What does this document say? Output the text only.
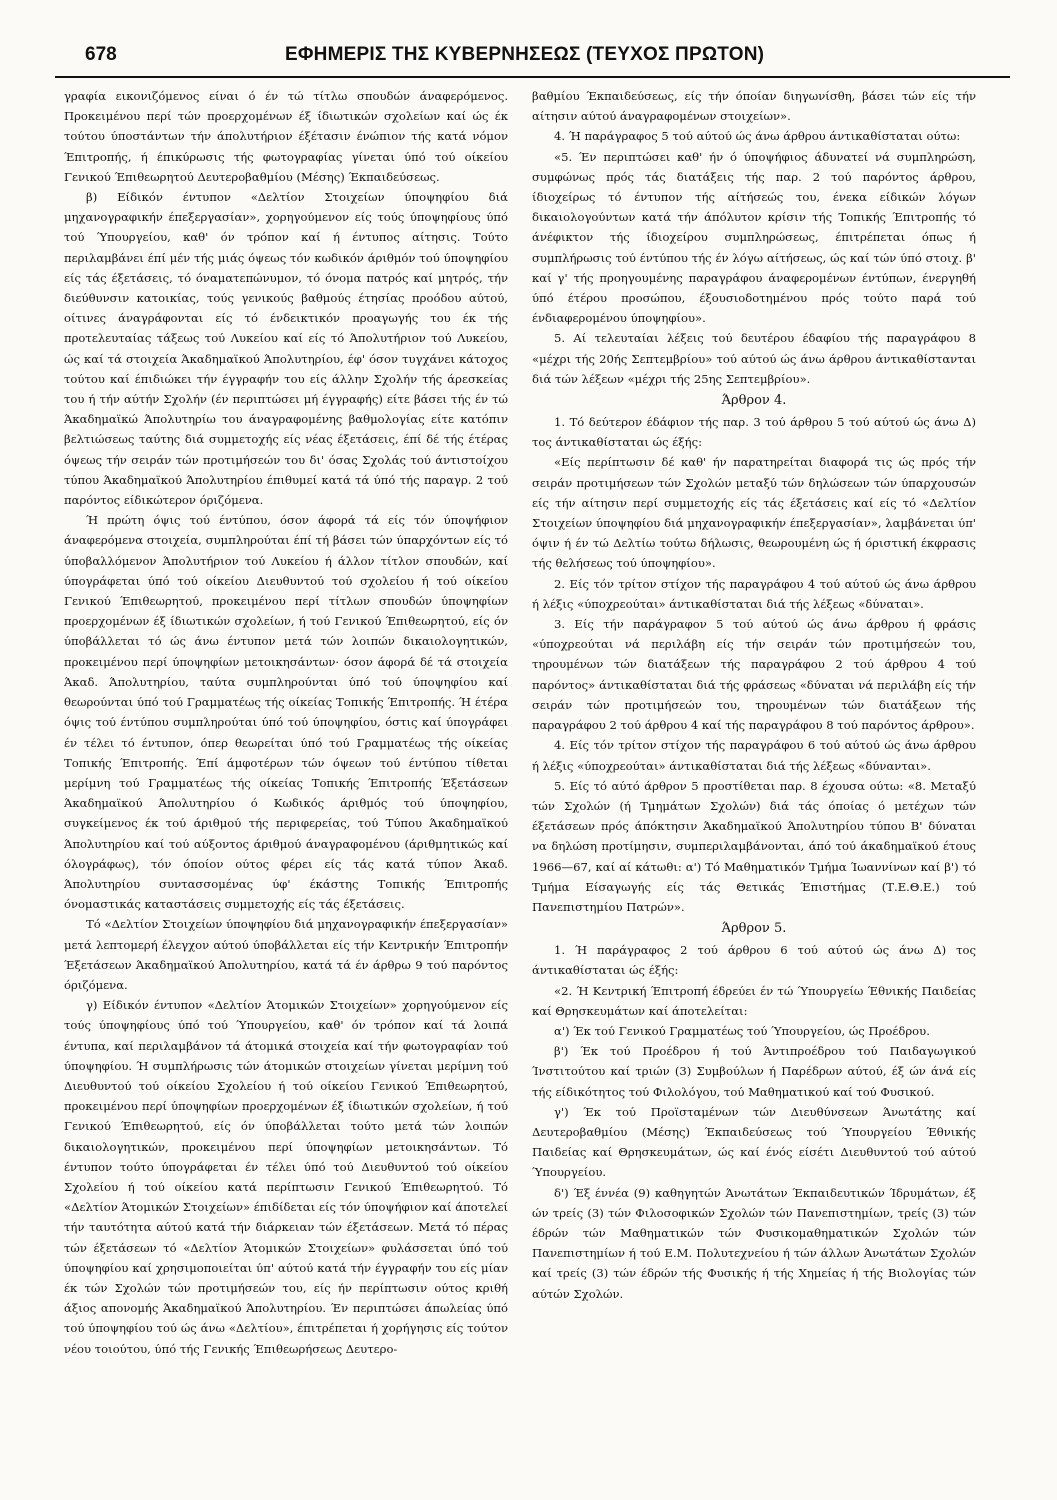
678	ΕΦΗΜΕΡΙΣ ΤΗΣ ΚΥΒΕΡΝΗΣΕΩΣ (ΤΕΥΧΟΣ ΠΡΩΤΟΝ)

γραφία εικονιζόμενος είναι ό έν τώ τίτλω σπουδών άναφερόμενος. Προκειμένου περί τών προερχομένων έξ ίδιωτικών σχολείων καί ώς έκ τούτου ύποστάντων τήν άπολυτήριον έξέτασιν ένώπιον τής κατά νόμον Έπιτροπής, ή έπικύρωσις τής φωτογραφίας γίνεται ύπό τού οίκείου Γενικού Έπιθεωρητού Δευτεροβαθμίου (Μέσης) Έκπαιδεύσεως.

β) Είδικόν έντυπον «Δελτίον Στοιχείων ύποψηφίου διά μηχανογραφικήν έπεξεργασίαν», χορηγούμενον είς τούς ύποψηφίους ύπό τού Ύπουργείου, καθ' όν τρόπον καί ή έντυπος αίτησις. Τούτο περιλαμβάνει έπί μέν τής μιάς όψεως τόν κωδικόν άριθμόν τού ύποψηφίου είς τάς έξετάσεις, τό όναματεπώνυμον, τό όνομα πατρός καί μητρός, τήν διεύθυνσιν κατοικίας, τούς γενικούς βαθμούς έτησίας προόδου αύτού, οίτινες άναγράφονται είς τό ένδεικτικόν προαγωγής του έκ τής προτελευταίας τάξεως τού Λυκείου καί είς τό Άπολυτήριον τού Λυκείου, ώς καί τά στοιχεία Άκαδημαϊκού Άπολυτηρίου, έφ' όσον τυγχάνει κάτοχος τούτου καί έπιδιώκει τήν έγγραφήν του είς άλλην Σχολήν τής άρεσκείας του ή τήν αύτήν Σχολήν (έν περιπτώσει μή έγγραφής) είτε βάσει τής έν τώ Άκαδημαϊκώ Άπολυτηρίω του άναγραφομένης βαθμολογίας είτε κατόπιν βελτιώσεως ταύτης διά συμμετοχής είς νέας έξετάσεις, έπί δέ τής έτέρας όψεως τήν σειράν τών προτιμήσεών του δι' όσας Σχολάς τού άντιστοίχου τύπου Άκαδημαϊκού Άπολυτηρίου έπιθυμεί κατά τά ύπό τής παραγρ. 2 τού παρόντος είδικώτερον όριζόμενα.

Ή πρώτη όψις τού έντύπου, όσον άφορά τά είς τόν ύποψήφιον άναφερόμενα στοιχεία, συμπληρούται έπί τή βάσει τών ύπαρχόντων είς τό ύποβαλλόμενον Άπολυτήριον τού Λυκείου ή άλλον τίτλον σπουδών, καί ύπογράφεται ύπό τού οίκείου Διευθυντού τού σχολείου ή τού οίκείου Γενικού Έπιθεωρητού, προκειμένου περί τίτλων σπουδών ύποψηφίων προερχομένων έξ ίδιωτικών σχολείων, ή τού Γενικού Έπιθεωρητού, είς όν ύποβάλλεται τό ώς άνω έντυπον μετά τών λοιπών δικαιολογητικών, προκειμένου περί ύποψηφίων μετοικησάντων· όσον άφορά δέ τά στοιχεία Άκαδ. Άπολυτηρίου, ταύτα συμπληρούνται ύπό τού ύποψηφίου καί θεωρούνται ύπό τού Γραμματέως τής οίκείας Τοπικής Έπιτροπής. Ή έτέρα όψις τού έντύπου συμπληρούται ύπό τού ύποψηφίου, όστις καί ύπογράφει έν τέλει τό έντυπον, όπερ θεωρείται ύπό τού Γραμματέως τής οίκείας Τοπικής Έπιτροπής. Έπί άμφοτέρων τών όψεων τού έντύπου τίθεται μερίμνη τού Γραμματέως τής οίκείας Τοπικής Έπιτροπής Έξετάσεων Άκαδημαϊκού Άπολυτηρίου ό Κωδικός άριθμός τού ύποψηφίου, συγκείμενος έκ τού άριθμού τής περιφερείας, τού Τύπου Άκαδημαϊκού Άπολυτηρίου καί τού αύξοντος άριθμού άναγραφομένου (άριθμητικώς καί όλογράφως), τόν όποίον ούτος φέρει είς τάς κατά τύπον Άκαδ. Άπολυτηρίου συντασσομένας ύφ' έκάστης Τοπικής Έπιτροπής όνομαστικάς καταστάσεις συμμετοχής είς τάς έξετάσεις.

Τό «Δελτίον Στοιχείων ύποψηφίου διά μηχανογραφικήν έπεξεργασίαν» μετά λεπτομερή έλεγχον αύτού ύποβάλλεται είς τήν Κεντρικήν Έπιτροπήν Έξετάσεων Άκαδημαϊκού Άπολυτηρίου, κατά τά έν άρθρω 9 τού παρόντος όριζόμενα.

γ) Είδικόν έντυπον «Δελτίον Άτομικών Στοιχείων» χορηγούμενον είς τούς ύποψηφίους ύπό τού Ύπουργείου, καθ' όν τρόπον καί τά λοιπά έντυπα, καί περιλαμβάνον τά άτομικά στοιχεία καί τήν φωτογραφίαν τού ύποψηφίου. Ή συμπλήρωσις τών άτομικών στοιχείων γίνεται μερίμνη τού Διευθυντού τού οίκείου Σχολείου ή τού οίκείου Γενικού Έπιθεωρητού, προκειμένου περί ύποψηφίων προερχομένων έξ ίδιωτικών σχολείων, ή τού Γενικού Έπιθεωρητού, είς όν ύποβάλλεται τούτο μετά τών λοιπών δικαιολογητικών, προκειμένου περί ύποψηφίων μετοικησάντων. Τό έντυπον τούτο ύπογράφεται έν τέλει ύπό τού Διευθυντού τού οίκείου Σχολείου ή τού οίκείου κατά περίπτωσιν Γενικού Έπιθεωρητού. Τό «Δελτίον Άτομικών Στοιχείων» έπιδίδεται είς τόν ύποψήφιον καί άποτελεί τήν ταυτότητα αύτού κατά τήν διάρκειαν τών έξετάσεων. Μετά τό πέρας τών έξετάσεων τό «Δελτίον Άτομικών Στοιχείων» φυλάσσεται ύπό τού ύποψηφίου καί χρησιμοποιείται ύπ' αύτού κατά τήν έγγραφήν του είς μίαν έκ τών Σχολών τών προτιμήσεών του, είς ήν περίπτωσιν ούτος κριθή άξιος απονομής Άκαδημαϊκού Άπολυτηρίου. Έν περιπτώσει άπωλείας ύπό τού ύποψηφίου τού ώς άνω «Δελτίου», έπιτρέπεται ή χορήγησις είς τούτον νέου τοιούτου, ύπό τής Γενικής Έπιθεωρήσεως Δευτερο-

βαθμίου Έκπαιδεύσεως, είς τήν όποίαν διηγωνίσθη, βάσει τών είς τήν αίτησιν αύτού άναγραφομένων στοιχείων».

4. Ή παράγραφος 5 τού αύτού ώς άνω άρθρου άντικαθίσταται ούτω:

«5. Έν περιπτώσει καθ' ήν ό ύποψήφιος άδυνατεί νά συμπληρώση, συμφώνως πρός τάς διατάξεις τής παρ. 2 τού παρόντος άρθρου, ίδιοχείρως τό έντυπον τής αίτήσεώς του, ένεκα είδικών λόγων δικαιολογούντων κατά τήν άπόλυτον κρίσιν τής Τοπικής Έπιτροπής τό άνέφικτον τής ίδιοχείρου συμπληρώσεως, έπιτρέπεται όπως ή συμπλήρωσις τού έντύπου τής έν λόγω αίτήσεως, ώς καί τών ύπό στοιχ. β' καί γ' τής προηγουμένης παραγράφου άναφερομένων έντύπων, ένεργηθή ύπό έτέρου προσώπου, έξουσιοδοτημένου πρός τούτο παρά τού ένδιαφερομένου ύποψηφίου».

5. Αί τελευταίαι λέξεις τού δευτέρου έδαφίου τής παραγράφου 8 «μέχρι τής 20ής Σεπτεμβρίου» τού αύτού ώς άνω άρθρου άντικαθίστανται διά τών λέξεων «μέχρι τής 25ης Σεπτεμβρίου».

Άρθρον 4.

1. Τό δεύτερον έδάφιον τής παρ. 3 τού άρθρου 5 τού αύτού ώς άνω Δ) τος άντικαθίσταται ώς έξής:

«Είς περίπτωσιν δέ καθ' ήν παρατηρείται διαφορά τις ώς πρός τήν σειράν προτιμήσεων τών Σχολών μεταξύ τών δηλώσεων τών ύπαρχουσών είς τήν αίτησιν περί συμμετοχής είς τάς έξετάσεις καί είς τό «Δελτίον Στοιχείων ύποψηφίου διά μηχανογραφικήν έπεξεργασίαν», λαμβάνεται ύπ' όψιν ή έν τώ Δελτίω τούτω δήλωσις, θεωρουμένη ώς ή όριστική έκφρασις τής θελήσεως τού ύποψηφίου».

2. Είς τόν τρίτον στίχον τής παραγράφου 4 τού αύτού ώς άνω άρθρου ή λέξις «ύποχρεούται» άντικαθίσταται διά τής λέξεως «δύναται».

3. Είς τήν παράγραφον 5 τού αύτού ώς άνω άρθρου ή φράσις «ύποχρεούται νά περιλάβη είς τήν σειράν τών προτιμήσεών του, τηρουμένων τών διατάξεων τής παραγράφου 2 τού άρθρου 4 τού παρόντος» άντικαθίσταται διά τής φράσεως «δύναται νά περιλάβη είς τήν σειράν τών προτιμήσεών του, τηρουμένων τών διατάξεων τής παραγράφου 2 τού άρθρου 4 καί τής παραγράφου 8 τού παρόντος άρθρου».

4. Είς τόν τρίτον στίχον τής παραγράφου 6 τού αύτού ώς άνω άρθρου ή λέξις «ύποχρεούται» άντικαθίσταται διά τής λέξεως «δύνανται».

5. Είς τό αύτό άρθρον 5 προστίθεται παρ. 8 έχουσα ούτω: «8. Μεταξύ τών Σχολών (ή Τμημάτων Σχολών) διά τάς όποίας ό μετέχων τών έξετάσεων πρός άπόκτησιν Άκαδημαϊκού Άπολυτηρίου τύπου Β' δύναται να δηλώση προτίμησιν, συμπεριλαμβάνονται, άπό τού άκαδημαϊκού έτους 1966—67, καί αί κάτωθι: α') Τό Μαθηματικόν Τμήμα Ίωαννίνων καί β') τό Τμήμα Είσαγωγής είς τάς Θετικάς Έπιστήμας (Τ.Ε.Θ.Ε.) τού Πανεπιστημίου Πατρών».

Άρθρον 5.

1. Ή παράγραφος 2 τού άρθρου 6 τού αύτού ώς άνω Δ) τος άντικαθίσταται ώς έξής:

«2. Ή Κεντρική Έπιτροπή έδρεύει έν τώ Ύπουργείω Έθνικής Παιδείας καί Θρησκευμάτων καί άποτελείται:

α') Έκ τού Γενικού Γραμματέως τού Ύπουργείου, ώς Προέδρου.

β') Έκ τού Προέδρου ή τού Άντιπροέδρου τού Παιδαγωγικού Ίνστιτούτου καί τριών (3) Συμβούλων ή Παρέδρων αύτού, έξ ών άνά είς τής είδικότητος τού Φιλολόγου, τού Μαθηματικού καί τού Φυσικού.

γ') Έκ τού Προϊσταμένων τών Διευθύνσεων Άνωτάτης καί Δευτεροβαθμίου (Μέσης) Έκπαιδεύσεως τού Ύπουργείου Έθνικής Παιδείας καί Θρησκευμάτων, ώς καί ένός είσέτι Διευθυντού τού αύτού Ύπουργείου.

δ') Έξ έννέα (9) καθηγητών Άνωτάτων Έκπαιδευτικών Ίδρυμάτων, έξ ών τρείς (3) τών Φιλοσοφικών Σχολών τών Πανεπιστημίων, τρείς (3) τών έδρών τών Μαθηματικών τών Φυσικομαθηματικών Σχολών τών Πανεπιστημίων ή τού Ε.Μ. Πολυτεχνείου ή τών άλλων Άνωτάτων Σχολών καί τρείς (3) τών έδρών τής Φυσικής ή τής Χημείας ή τής Βιολογίας τών αύτών Σχολών.
